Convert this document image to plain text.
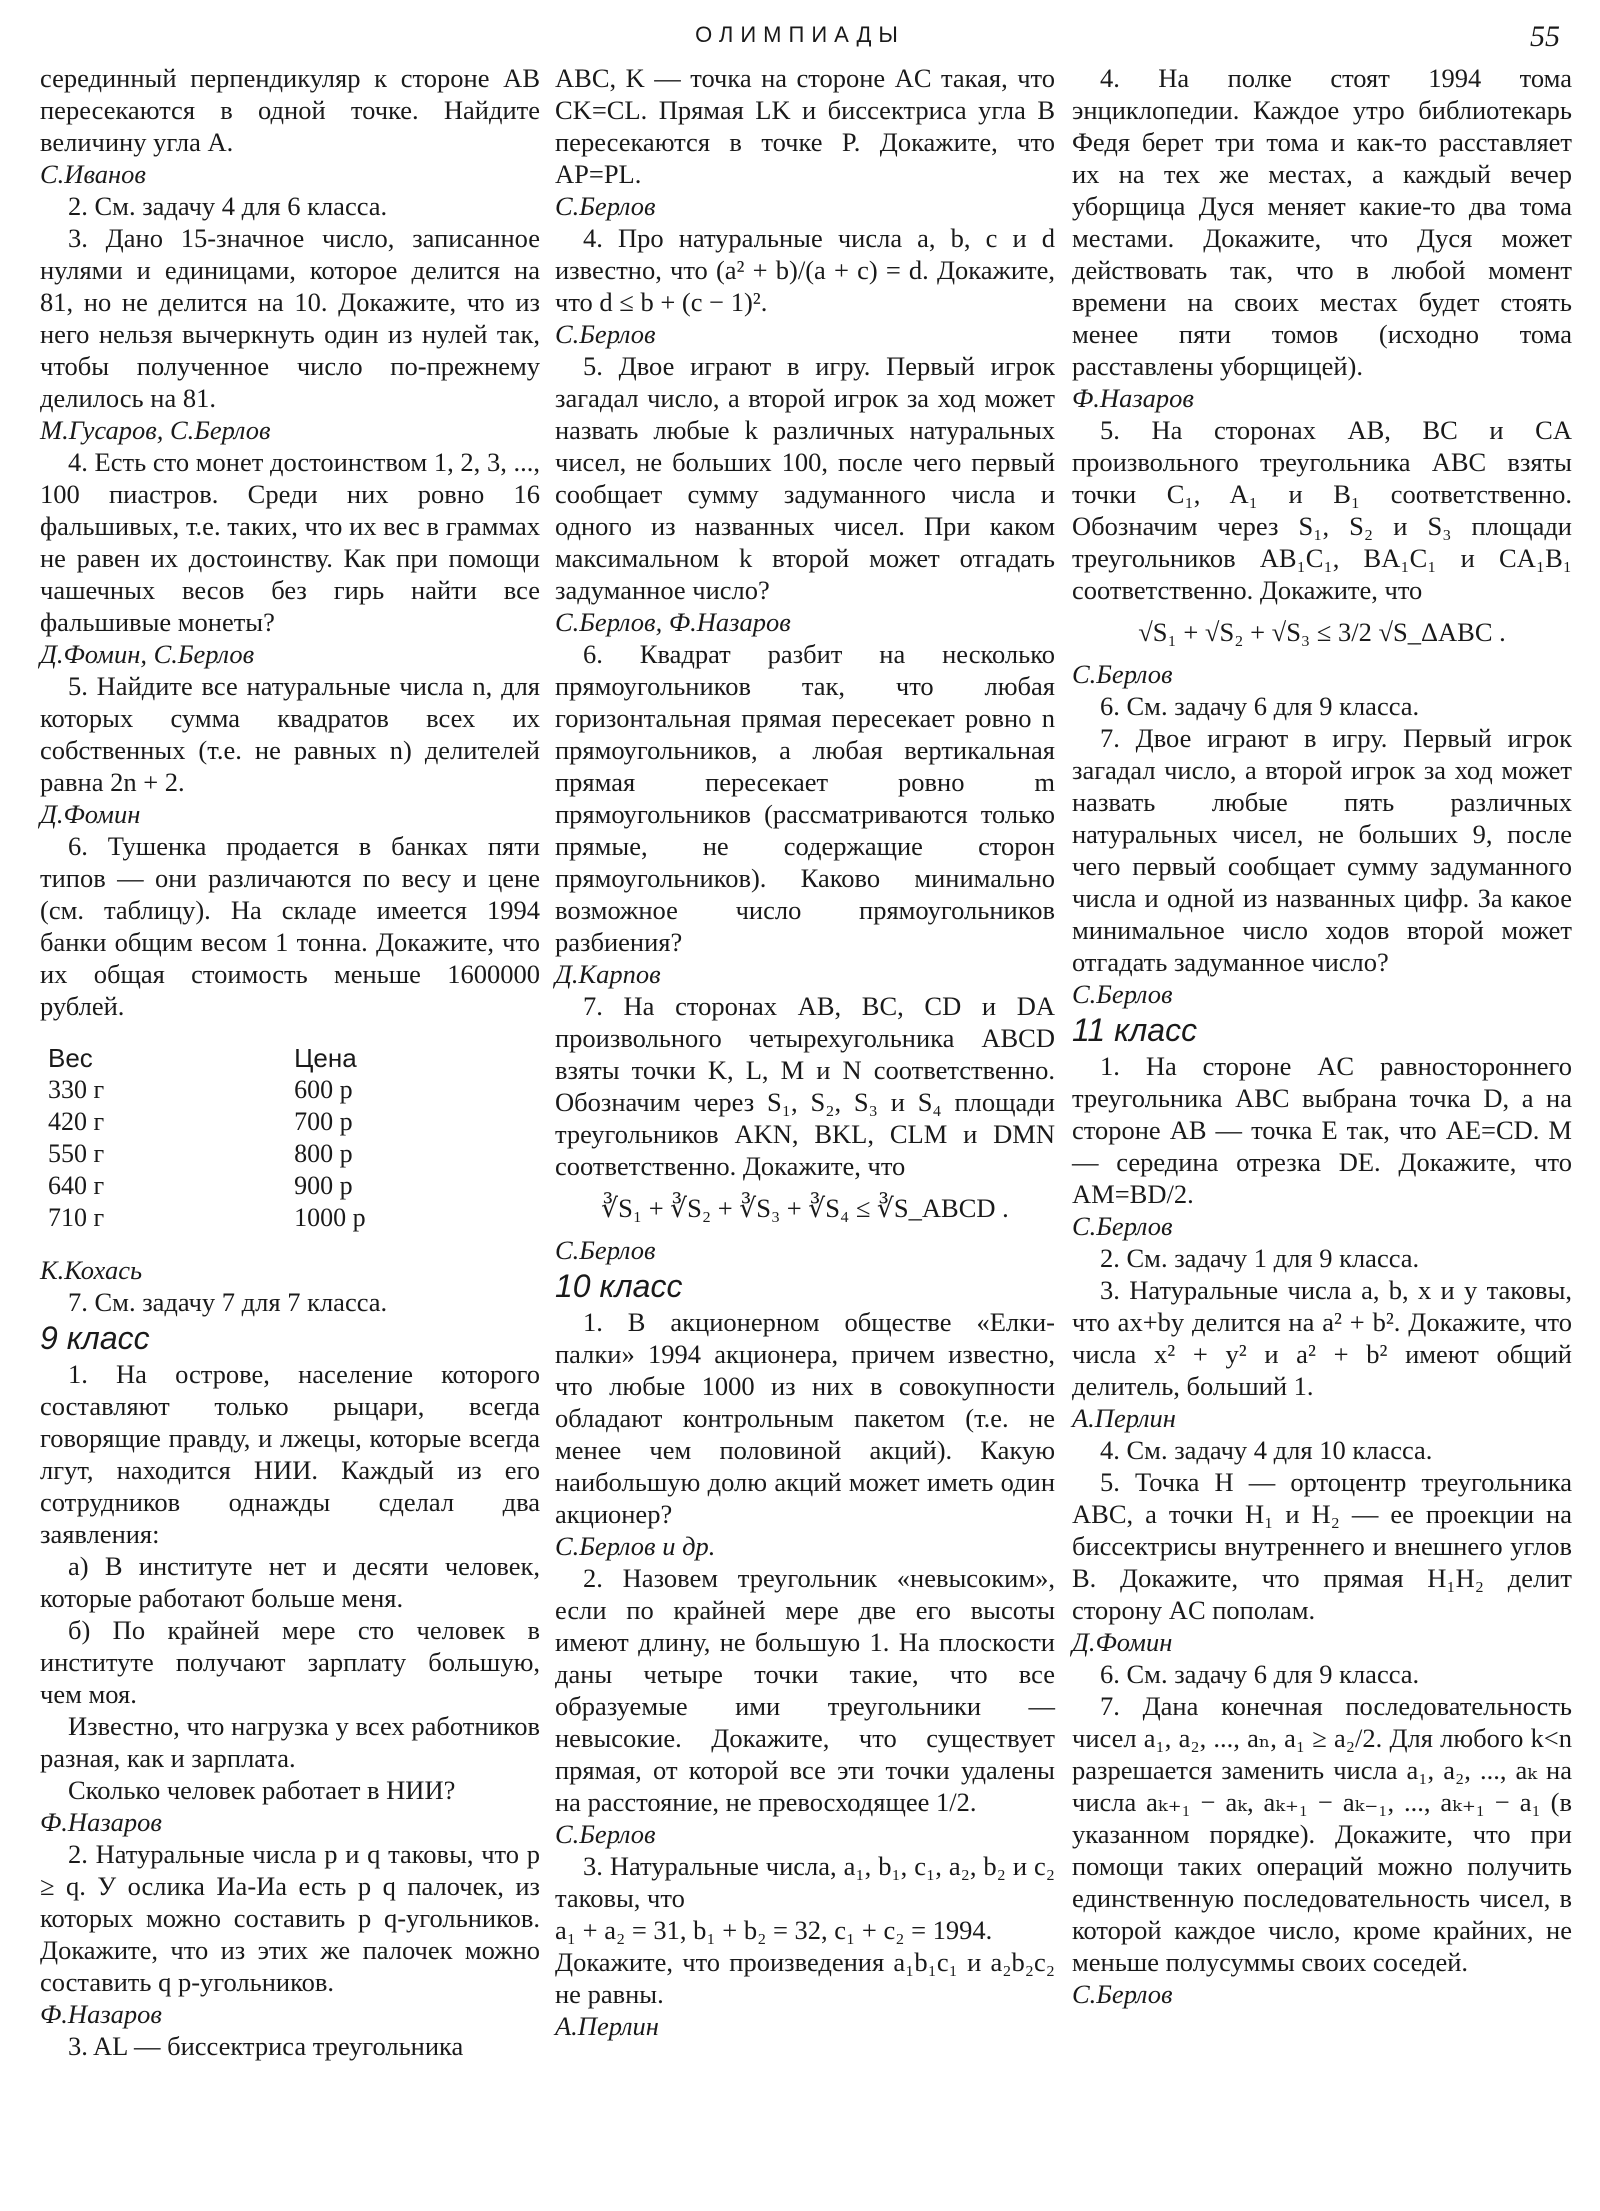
ОЛИМПИАДЫ	55

серединный перпендикуляр к стороне AB пересекаются в одной точке. Найдите величину угла A.

С.Иванов

2. См. задачу 4 для 6 класса.

3. Дано 15-значное число, записанное нулями и единицами, которое делится на 81, но не делится на 10. Докажите, что из него нельзя вычеркнуть один из нулей так, чтобы полученное число по-прежнему делилось на 81.

М.Гусаров, С.Берлов

4. Есть сто монет достоинством 1, 2, 3, ..., 100 пиастров. Среди них ровно 16 фальшивых, т.е. таких, что их вес в граммах не равен их достоинству. Как при помощи чашечных весов без гирь найти все фальшивые монеты?

Д.Фомин, С.Берлов

5. Найдите все натуральные числа n, для которых сумма квадратов всех их собственных (т.е. не равных n) делителей равна 2n + 2.

Д.Фомин

6. Тушенка продается в банках пяти типов — они различаются по весу и цене (см. таблицу). На складе имеется 1994 банки общим весом 1 тонна. Докажите, что их общая стоимость меньше 1600000 рублей.

Вес	Цена
330 г	600 р
420 г	700 р
550 г	800 р
640 г	900 р
710 г	1000 р

К.Кохась

7. См. задачу 7 для 7 класса.

9 класс

1. На острове, население которого составляют только рыцари, всегда говорящие правду, и лжецы, которые всегда лгут, находится НИИ. Каждый из его сотрудников однажды сделал два заявления:

а) В институте нет и десяти человек, которые работают больше меня.

б) По крайней мере сто человек в институте получают зарплату большую, чем моя.

Известно, что нагрузка у всех работников разная, как и зарплата.

Сколько человек работает в НИИ?

Ф.Назаров

2. Натуральные числа p и q таковы, что p ≥ q. У ослика Иа-Иа есть p q палочек, из которых можно составить p q-угольников. Докажите, что из этих же палочек можно составить q p-угольников.

Ф.Назаров

3. AL — биссектриса треугольника

ABC, K — точка на стороне AC такая, что CK=CL. Прямая LK и биссектриса угла B пересекаются в точке P. Докажите, что AP=PL.

С.Берлов

4. Про натуральные числа a, b, c и d известно, что (a² + b)/(a + c) = d. Докажите, что d ≤ b + (c − 1)².

С.Берлов

5. Двое играют в игру. Первый игрок загадал число, а второй игрок за ход может назвать любые k различных натуральных чисел, не больших 100, после чего первый сообщает сумму задуманного числа и одного из названных чисел. При каком максимальном k второй может отгадать задуманное число?

С.Берлов, Ф.Назаров

6. Квадрат разбит на несколько прямоугольников так, что любая горизонтальная прямая пересекает ровно n прямоугольников, а любая вертикальная прямая пересекает ровно m прямоугольников (рассматриваются только прямые, не содержащие сторон прямоугольников). Каково минимально возможное число прямоугольников разбиения?

Д.Карпов

7. На сторонах AB, BC, CD и DA произвольного четырехугольника ABCD взяты точки K, L, M и N соответственно. Обозначим через S₁, S₂, S₃ и S₄ площади треугольников AKN, BKL, CLM и DMN соответственно. Докажите, что

∛S₁ + ∛S₂ + ∛S₃ + ∛S₄ ≤ ∛S_ABCD .

С.Берлов

10 класс

1. В акционерном обществе «Елки-палки» 1994 акционера, причем известно, что любые 1000 из них в совокупности обладают контрольным пакетом (т.е. не менее чем половиной акций). Какую наибольшую долю акций может иметь один акционер?

С.Берлов и др.

2. Назовем треугольник «невысоким», если по крайней мере две его высоты имеют длину, не большую 1. На плоскости даны четыре точки такие, что все образуемые ими треугольники — невысокие. Докажите, что существует прямая, от которой все эти точки удалены на расстояние, не превосходящее 1/2.

С.Берлов

3. Натуральные числа, a₁, b₁, c₁, a₂, b₂ и c₂ таковы, что

a₁ + a₂ = 31, b₁ + b₂ = 32, c₁ + c₂ = 1994.

Докажите, что произведения a₁b₁c₁ и a₂b₂c₂ не равны.

А.Перлин

4. На полке стоят 1994 тома энциклопедии. Каждое утро библиотекарь Федя берет три тома и как-то расставляет их на тех же местах, а каждый вечер уборщица Дуся меняет какие-то два тома местами. Докажите, что Дуся может действовать так, что в любой момент времени на своих местах будет стоять менее пяти томов (исходно тома расставлены уборщицей).

Ф.Назаров

5. На сторонах AB, BC и CA произвольного треугольника ABC взяты точки C₁, A₁ и B₁ соответственно. Обозначим через S₁, S₂ и S₃ площади треугольников AB₁C₁, BA₁C₁ и CA₁B₁ соответственно. Докажите, что

√S₁ + √S₂ + √S₃ ≤ 3/2 √S_ΔABC .

С.Берлов

6. См. задачу 6 для 9 класса.

7. Двое играют в игру. Первый игрок загадал число, а второй игрок за ход может назвать любые пять различных натуральных чисел, не больших 9, после чего первый сообщает сумму задуманного числа и одной из названных цифр. За какое минимальное число ходов второй может отгадать задуманное число?

С.Берлов

11 класс

1. На стороне AC равностороннего треугольника ABC выбрана точка D, а на стороне AB — точка E так, что AE=CD. M — середина отрезка DE. Докажите, что AM=BD/2.

С.Берлов

2. См. задачу 1 для 9 класса.

3. Натуральные числа a, b, x и y таковы, что ax+by делится на a² + b². Докажите, что числа x² + y² и a² + b² имеют общий делитель, больший 1.

А.Перлин

4. См. задачу 4 для 10 класса.

5. Точка H — ортоцентр треугольника ABC, а точки H₁ и H₂ — ее проекции на биссектрисы внутреннего и внешнего углов B. Докажите, что прямая H₁H₂ делит сторону AC пополам.

Д.Фомин

6. См. задачу 6 для 9 класса.

7. Дана конечная последовательность чисел a₁, a₂, ..., aₙ, a₁ ≥ a₂/2. Для любого k<n разрешается заменить числа a₁, a₂, ..., aₖ на числа aₖ₊₁ − aₖ, aₖ₊₁ − aₖ₋₁, ..., aₖ₊₁ − a₁ (в указанном порядке). Докажите, что при помощи таких операций можно получить единственную последовательность чисел, в которой каждое число, кроме крайних, не меньше полусуммы своих соседей.

С.Берлов
